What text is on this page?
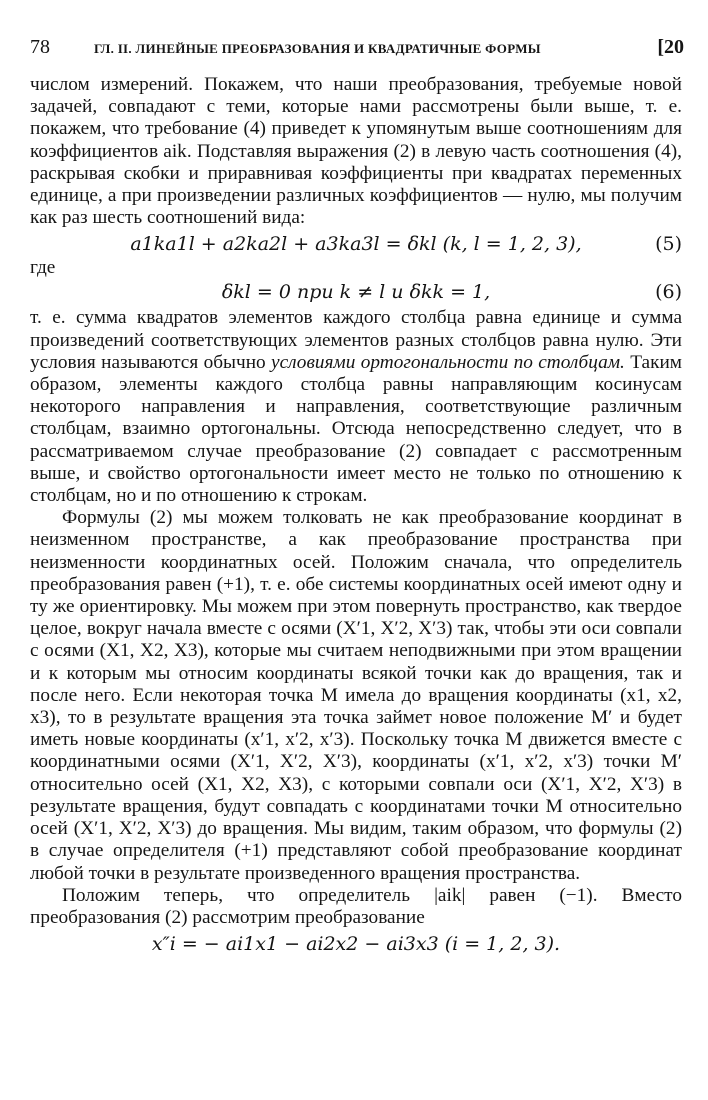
78	ГЛ. II. ЛИНЕЙНЫЕ ПРЕОБРАЗОВАНИЯ И КВАДРАТИЧНЫЕ ФОРМЫ	[20
числом измерений. Покажем, что наши преобразования, требуемые новой задачей, совпадают с теми, которые нами рассмотрены были выше, т. е. покажем, что требование (4) приведет к упомянутым выше соотношениям для коэффициентов aik. Подставляя выражения (2) в левую часть соотношения (4), раскрывая скобки и приравнивая коэффициенты при квадратах переменных единице, а при произведении различных коэффициентов — нулю, мы получим как раз шесть соотношений вида:
a1ka1l + a2ka2l + a3ka3l = δkl (k, l = 1, 2, 3),	(5)
где
δkl = 0 при k ≠ l и δkk = 1,	(6)
т. е. сумма квадратов элементов каждого столбца равна единице и сумма произведений соответствующих элементов разных столбцов равна нулю. Эти условия называются обычно условиями ортогональности по столбцам. Таким образом, элементы каждого столбца равны направляющим косинусам некоторого направления и направления, соответствующие различным столбцам, взаимно ортогональны. Отсюда непосредственно следует, что в рассматриваемом случае преобразование (2) совпадает с рассмотренным выше, и свойство ортогональности имеет место не только по отношению к столбцам, но и по отношению к строкам.
Формулы (2) мы можем толковать не как преобразование координат в неизменном пространстве, а как преобразование пространства при неизменности координатных осей. Положим сначала, что определитель преобразования равен (+1), т. е. обе системы координатных осей имеют одну и ту же ориентировку. Мы можем при этом повернуть пространство, как твердое целое, вокруг начала вместе с осями (X′1, X′2, X′3) так, чтобы эти оси совпали с осями (X1, X2, X3), которые мы считаем неподвижными при этом вращении и к которым мы относим координаты всякой точки как до вращения, так и после него. Если некоторая точка M имела до вращения координаты (x1, x2, x3), то в результате вращения эта точка займет новое положение M′ и будет иметь новые координаты (x′1, x′2, x′3). Поскольку точка M движется вместе с координатными осями (X′1, X′2, X′3), координаты (x′1, x′2, x′3) точки M′ относительно осей (X1, X2, X3), с которыми совпали оси (X′1, X′2, X′3) в результате вращения, будут совпадать с координатами точки M относительно осей (X′1, X′2, X′3) до вращения. Мы видим, таким образом, что формулы (2) в случае определителя (+1) представляют собой преобразование координат любой точки в результате произведенного вращения пространства.
Положим теперь, что определитель |aik| равен (−1). Вместо преобразования (2) рассмотрим преобразование
x″i = − ai1x1 − ai2x2 − ai3x3 (i = 1, 2, 3).
